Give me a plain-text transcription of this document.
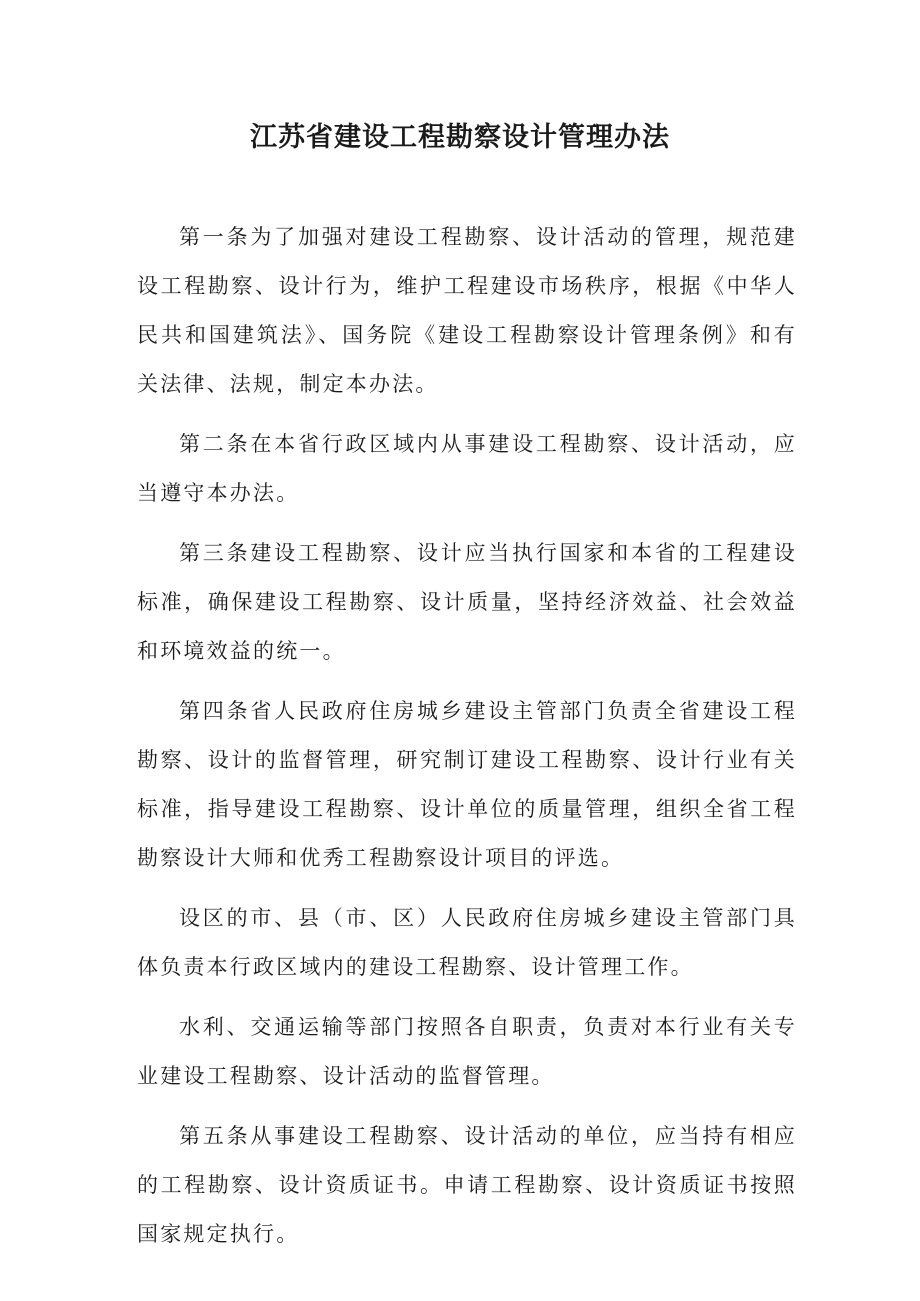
江苏省建设工程勘察设计管理办法

第一条为了加强对建设工程勘察、设计活动的管理，规范建设工程勘察、设计行为，维护工程建设市场秩序，根据《中华人民共和国建筑法》、国务院《建设工程勘察设计管理条例》和有关法律、法规，制定本办法。

第二条在本省行政区域内从事建设工程勘察、设计活动，应当遵守本办法。

第三条建设工程勘察、设计应当执行国家和本省的工程建设标准，确保建设工程勘察、设计质量，坚持经济效益、社会效益和环境效益的统一。

第四条省人民政府住房城乡建设主管部门负责全省建设工程勘察、设计的监督管理，研究制订建设工程勘察、设计行业有关标准，指导建设工程勘察、设计单位的质量管理，组织全省工程勘察设计大师和优秀工程勘察设计项目的评选。

设区的市、县（市、区）人民政府住房城乡建设主管部门具体负责本行政区域内的建设工程勘察、设计管理工作。

水利、交通运输等部门按照各自职责，负责对本行业有关专业建设工程勘察、设计活动的监督管理。

第五条从事建设工程勘察、设计活动的单位，应当持有相应的工程勘察、设计资质证书。申请工程勘察、设计资质证书按照国家规定执行。
